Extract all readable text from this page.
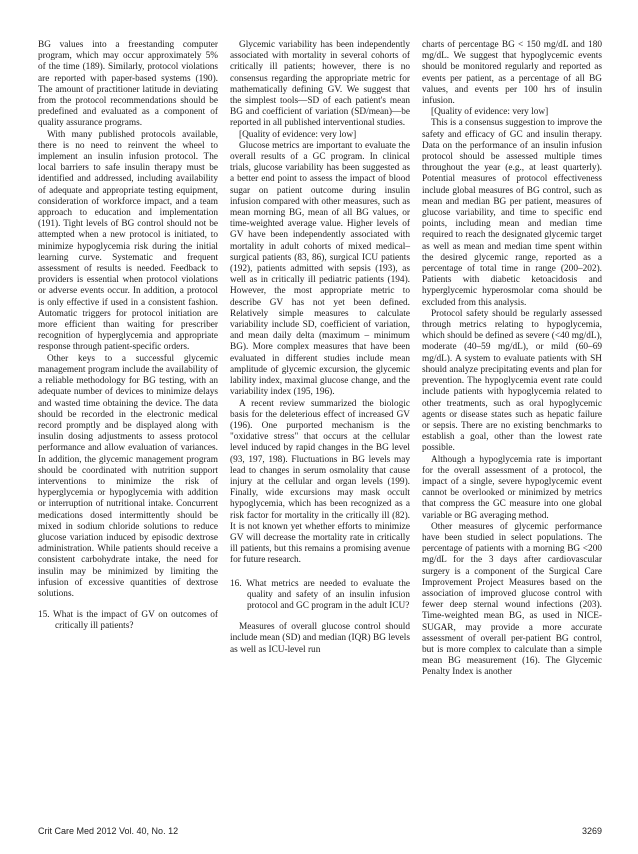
BG values into a freestanding computer program, which may occur approximately 5% of the time (189). Similarly, protocol violations are reported with paper-based systems (190). The amount of practitioner latitude in deviating from the protocol recommendations should be predefined and evaluated as a component of quality assurance programs.

With many published protocols available, there is no need to reinvent the wheel to implement an insulin infusion protocol. The local barriers to safe insulin therapy must be identified and addressed, including availability of adequate and appropriate testing equipment, consideration of workforce impact, and a team approach to education and implementation (191). Tight levels of BG control should not be attempted when a new protocol is initiated, to minimize hypoglycemia risk during the initial learning curve. Systematic and frequent assessment of results is needed. Feedback to providers is essential when protocol violations or adverse events occur. In addition, a protocol is only effective if used in a consistent fashion. Automatic triggers for protocol initiation are more efficient than waiting for prescriber recognition of hyperglycemia and appropriate response through patient-specific orders.

Other keys to a successful glycemic management program include the availability of a reliable methodology for BG testing, with an adequate number of devices to minimize delays and wasted time obtaining the device. The data should be recorded in the electronic medical record promptly and be displayed along with insulin dosing adjustments to assess protocol performance and allow evaluation of variances. In addition, the glycemic management program should be coordinated with nutrition support interventions to minimize the risk of hyperglycemia or hypoglycemia with addition or interruption of nutritional intake. Concurrent medications dosed intermittently should be mixed in sodium chloride solutions to reduce glucose variation induced by episodic dextrose administration. While patients should receive a consistent carbohydrate intake, the need for insulin may be minimized by limiting the infusion of excessive quantities of dextrose solutions.

15. What is the impact of GV on outcomes of critically ill patients?

Glycemic variability has been independently associated with mortality in several cohorts of critically ill patients; however, there is no consensus regarding the appropriate metric for mathematically defining GV. We suggest that the simplest tools—SD of each patient's mean BG and coefficient of variation (SD/mean)—be reported in all published interventional studies.

[Quality of evidence: very low]

Glucose metrics are important to evaluate the overall results of a GC program. In clinical trials, glucose variability has been suggested as a better end point to assess the impact of blood sugar on patient outcome during insulin infusion compared with other measures, such as mean morning BG, mean of all BG values, or time-weighted average value. Higher levels of GV have been independently associated with mortality in adult cohorts of mixed medical–surgical patients (83, 86), surgical ICU patients (192), patients admitted with sepsis (193), as well as in critically ill pediatric patients (194). However, the most appropriate metric to describe GV has not yet been defined. Relatively simple measures to calculate variability include SD, coefficient of variation, and mean daily delta (maximum – minimum BG). More complex measures that have been evaluated in different studies include mean amplitude of glycemic excursion, the glycemic lability index, maximal glucose change, and the variability index (195, 196).

A recent review summarized the biologic basis for the deleterious effect of increased GV (196). One purported mechanism is the "oxidative stress" that occurs at the cellular level induced by rapid changes in the BG level (93, 197, 198). Fluctuations in BG levels may lead to changes in serum osmolality that cause injury at the cellular and organ levels (199). Finally, wide excursions may mask occult hypoglycemia, which has been recognized as a risk factor for mortality in the critically ill (82). It is not known yet whether efforts to minimize GV will decrease the mortality rate in critically ill patients, but this remains a promising avenue for future research.

16. What metrics are needed to evaluate the quality and safety of an insulin infusion protocol and GC program in the adult ICU?

Measures of overall glucose control should include mean (SD) and median (IQR) BG levels as well as ICU-level run

charts of percentage BG < 150 mg/dL and 180 mg/dL. We suggest that hypoglycemic events should be monitored regularly and reported as events per patient, as a percentage of all BG values, and events per 100 hrs of insulin infusion.

[Quality of evidence: very low]

This is a consensus suggestion to improve the safety and efficacy of GC and insulin therapy. Data on the performance of an insulin infusion protocol should be assessed multiple times throughout the year (e.g., at least quarterly). Potential measures of protocol effectiveness include global measures of BG control, such as mean and median BG per patient, measures of glucose variability, and time to specific end points, including mean and median time required to reach the designated glycemic target as well as mean and median time spent within the desired glycemic range, reported as a percentage of total time in range (200–202). Patients with diabetic ketoacidosis and hyperglycemic hyperosmolar coma should be excluded from this analysis.

Protocol safety should be regularly assessed through metrics relating to hypoglycemia, which should be defined as severe (<40 mg/dL), moderate (40–59 mg/dL), or mild (60–69 mg/dL). A system to evaluate patients with SH should analyze precipitating events and plan for prevention. The hypoglycemia event rate could include patients with hypoglycemia related to other treatments, such as oral hypoglycemic agents or disease states such as hepatic failure or sepsis. There are no existing benchmarks to establish a goal, other than the lowest rate possible.

Although a hypoglycemia rate is important for the overall assessment of a protocol, the impact of a single, severe hypoglycemic event cannot be overlooked or minimized by metrics that compress the GC measure into one global variable or BG averaging method.

Other measures of glycemic performance have been studied in select populations. The percentage of patients with a morning BG <200 mg/dL for the 3 days after cardiovascular surgery is a component of the Surgical Care Improvement Project Measures based on the association of improved glucose control with fewer deep sternal wound infections (203). Time-weighted mean BG, as used in NICE-SUGAR, may provide a more accurate assessment of overall per-patient BG control, but is more complex to calculate than a simple mean BG measurement (16). The Glycemic Penalty Index is another

Crit Care Med 2012 Vol. 40, No. 12	3269
